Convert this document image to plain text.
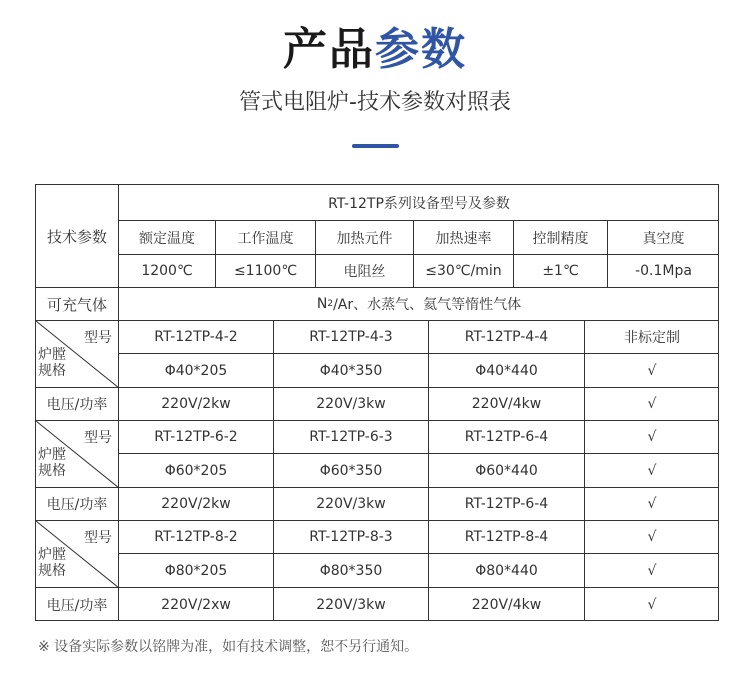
产品参数
管式电阻炉-技术参数对照表
技术参数
RT-12TP系列设备型号及参数
额定温度	工作温度	加热元件	加热速率	控制精度	真空度
1200℃	≤1100℃	电阻丝	≤30℃/min	±1℃	-0.1Mpa
可充气体	N 2 /Ar、水蒸气、氦气等惰性气体
型号
炉膛规格
RT-12TP-4-2	RT-12TP-4-3	RT-12TP-4-4	非标定制
Φ40*205	Φ40*350	Φ40*440	√
电压/功率	220V/2kw	220V/3kw	220V/4kw	√
型号
炉膛规格
RT-12TP-6-2	RT-12TP-6-3	RT-12TP-6-4	√
Φ60*205	Φ60*350	Φ60*440	√
电压/功率	220V/2kw	220V/3kw	RT-12TP-6-4	√
型号
炉膛规格
RT-12TP-8-2	RT-12TP-8-3	RT-12TP-8-4	√
Φ80*205	Φ80*350	Φ80*440	√
电压/功率	220V/2xw	220V/3kw	220V/4kw	√
※ 设备实际参数以铭牌为准，如有技术调整，恕不另行通知。
